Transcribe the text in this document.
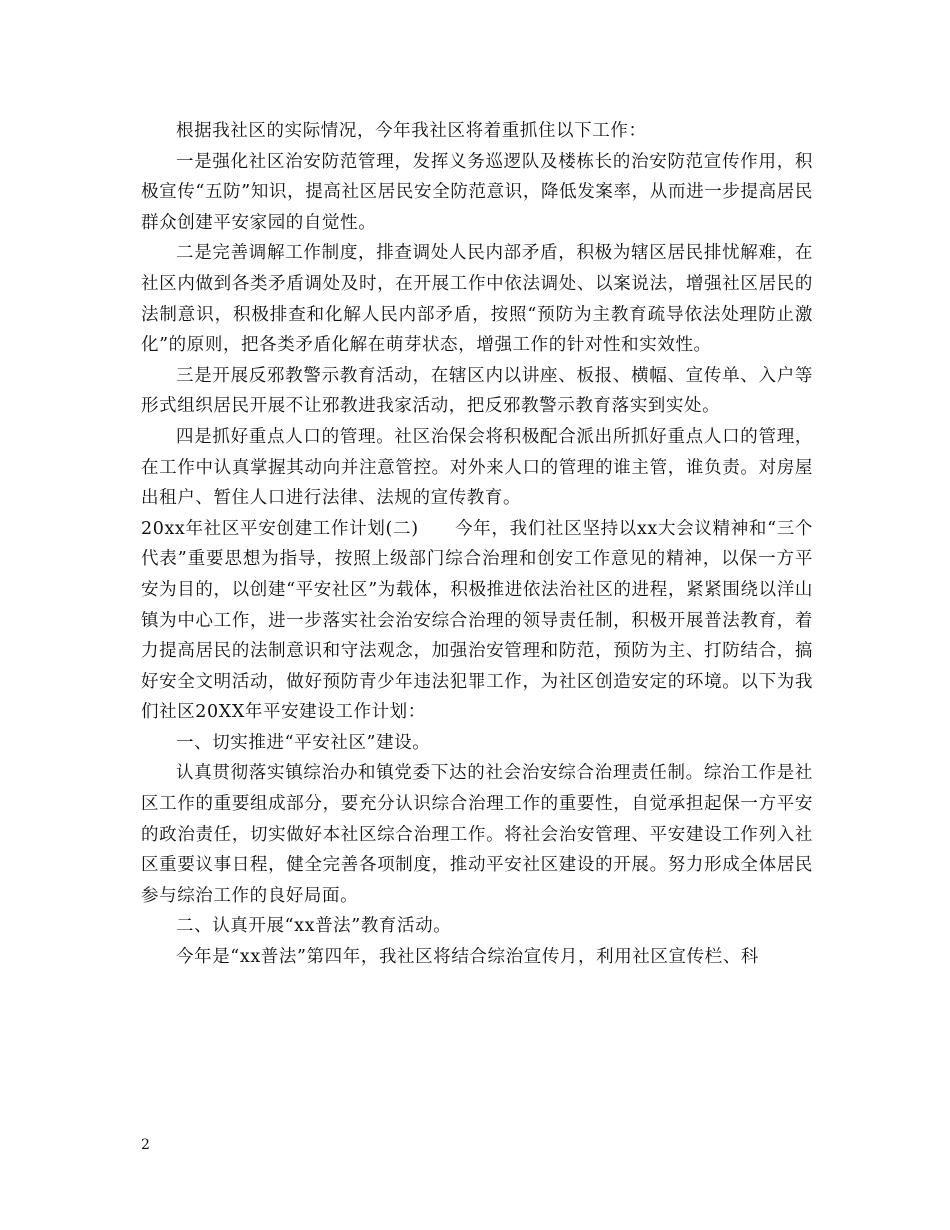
根据我社区的实际情况，今年我社区将着重抓住以下工作：

一是强化社区治安防范管理，发挥义务巡逻队及楼栋长的治安防范宣传作用，积极宣传“五防”知识，提高社区居民安全防范意识，降低发案率，从而进一步提高居民群众创建平安家园的自觉性。

二是完善调解工作制度，排查调处人民内部矛盾，积极为辖区居民排忧解难，在社区内做到各类矛盾调处及时，在开展工作中依法调处、以案说法，增强社区居民的法制意识，积极排查和化解人民内部矛盾，按照“预防为主教育疏导依法处理防止激化”的原则，把各类矛盾化解在萌芽状态，增强工作的针对性和实效性。

三是开展反邪教警示教育活动，在辖区内以讲座、板报、横幅、宣传单、入户等形式组织居民开展不让邪教进我家活动，把反邪教警示教育落实到实处。

四是抓好重点人口的管理。社区治保会将积极配合派出所抓好重点人口的管理，在工作中认真掌握其动向并注意管控。对外来人口的管理的谁主管，谁负责。对房屋出租户、暂住人口进行法律、法规的宣传教育。

20xx年社区平安创建工作计划(二)　　今年，我们社区坚持以xx大会议精神和“三个代表”重要思想为指导，按照上级部门综合治理和创安工作意见的精神，以保一方平安为目的，以创建“平安社区”为载体，积极推进依法治社区的进程，紧紧围绕以洋山镇为中心工作，进一步落实社会治安综合治理的领导责任制，积极开展普法教育，着力提高居民的法制意识和守法观念，加强治安管理和防范，预防为主、打防结合，搞好安全文明活动，做好预防青少年违法犯罪工作，为社区创造安定的环境。以下为我们社区20XX年平安建设工作计划：

一、切实推进“平安社区”建设。

认真贯彻落实镇综治办和镇党委下达的社会治安综合治理责任制。综治工作是社区工作的重要组成部分，要充分认识综合治理工作的重要性，自觉承担起保一方平安的政治责任，切实做好本社区综合治理工作。将社会治安管理、平安建设工作列入社区重要议事日程，健全完善各项制度，推动平安社区建设的开展。努力形成全体居民参与综治工作的良好局面。

二、认真开展“xx普法”教育活动。

今年是“xx普法”第四年，我社区将结合综治宣传月，利用社区宣传栏、科

2
